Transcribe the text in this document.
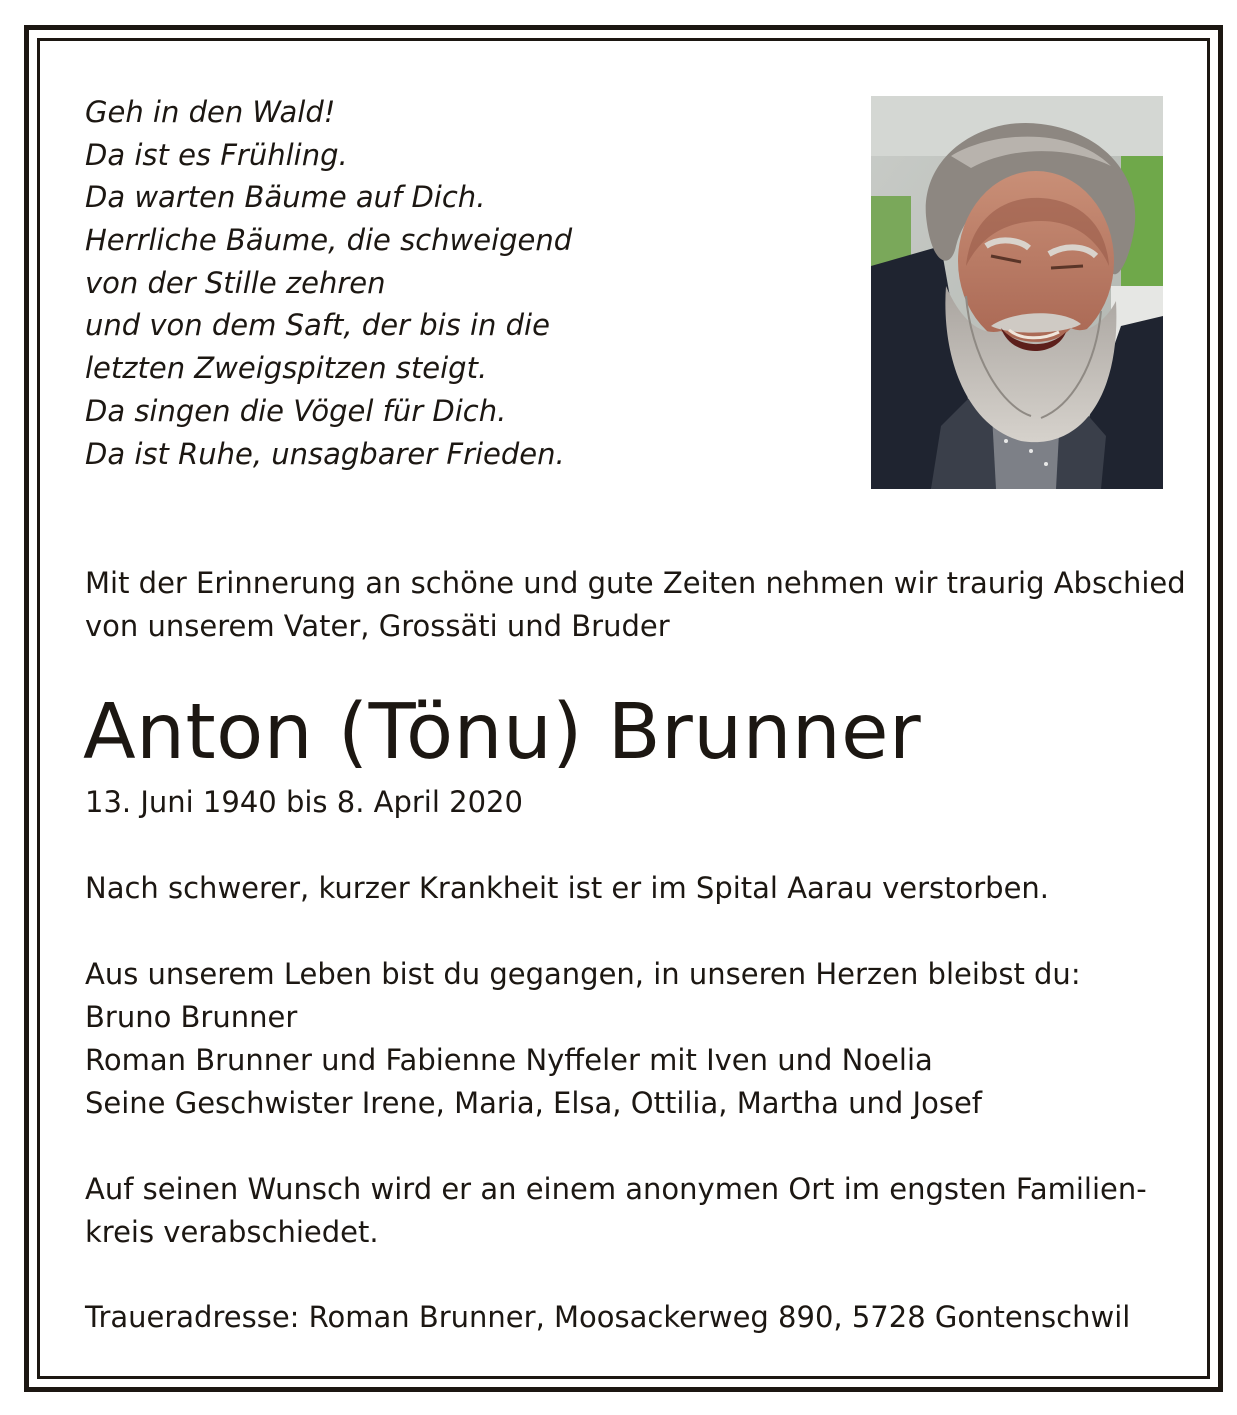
Geh in den Wald!
Da ist es Frühling.
Da warten Bäume auf Dich.
Herrliche Bäume, die schweigend
von der Stille zehren
und von dem Saft, der bis in die
letzten Zweigspitzen steigt.
Da singen die Vögel für Dich.
Da ist Ruhe, unsagbarer Frieden.

Mit der Erinnerung an schöne und gute Zeiten nehmen wir traurig Abschied

von unserem Vater, Grossäti und Bruder

Anton (Tönu) Brunner

13. Juni 1940 bis 8. April 2020

Nach schwerer, kurzer Krankheit ist er im Spital Aarau verstorben.

Aus unserem Leben bist du gegangen, in unseren Herzen bleibst du:

Bruno Brunner

Roman Brunner und Fabienne Nyffeler mit Iven und Noelia

Seine Geschwister Irene, Maria, Elsa, Ottilia, Martha und Josef

Auf seinen Wunsch wird er an einem anonymen Ort im engsten Familien-

kreis verabschiedet.

Traueradresse: Roman Brunner, Moosackerweg 890, 5728 Gontenschwil
